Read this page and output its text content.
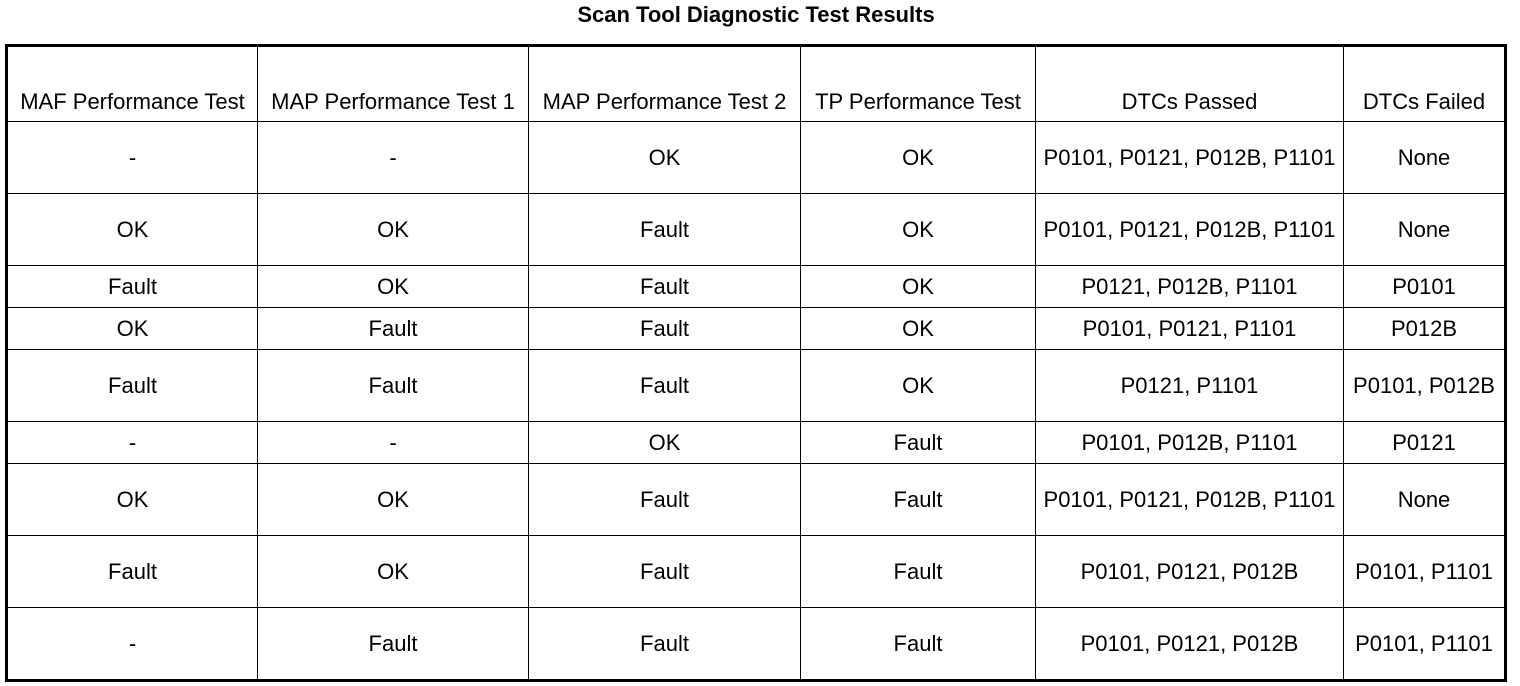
Scan Tool Diagnostic Test Results
MAF Performance Test	MAP Performance Test 1	MAP Performance Test 2	TP Performance Test	DTCs Passed	DTCs Failed
-	-	OK	OK	P0101, P0121, P012B, P1101	None
OK	OK	Fault	OK	P0101, P0121, P012B, P1101	None
Fault	OK	Fault	OK	P0121, P012B, P1101	P0101
OK	Fault	Fault	OK	P0101, P0121, P1101	P012B
Fault	Fault	Fault	OK	P0121, P1101	P0101, P012B
-	-	OK	Fault	P0101, P012B, P1101	P0121
OK	OK	Fault	Fault	P0101, P0121, P012B, P1101	None
Fault	OK	Fault	Fault	P0101, P0121, P012B	P0101, P1101
-	Fault	Fault	Fault	P0101, P0121, P012B	P0101, P1101
